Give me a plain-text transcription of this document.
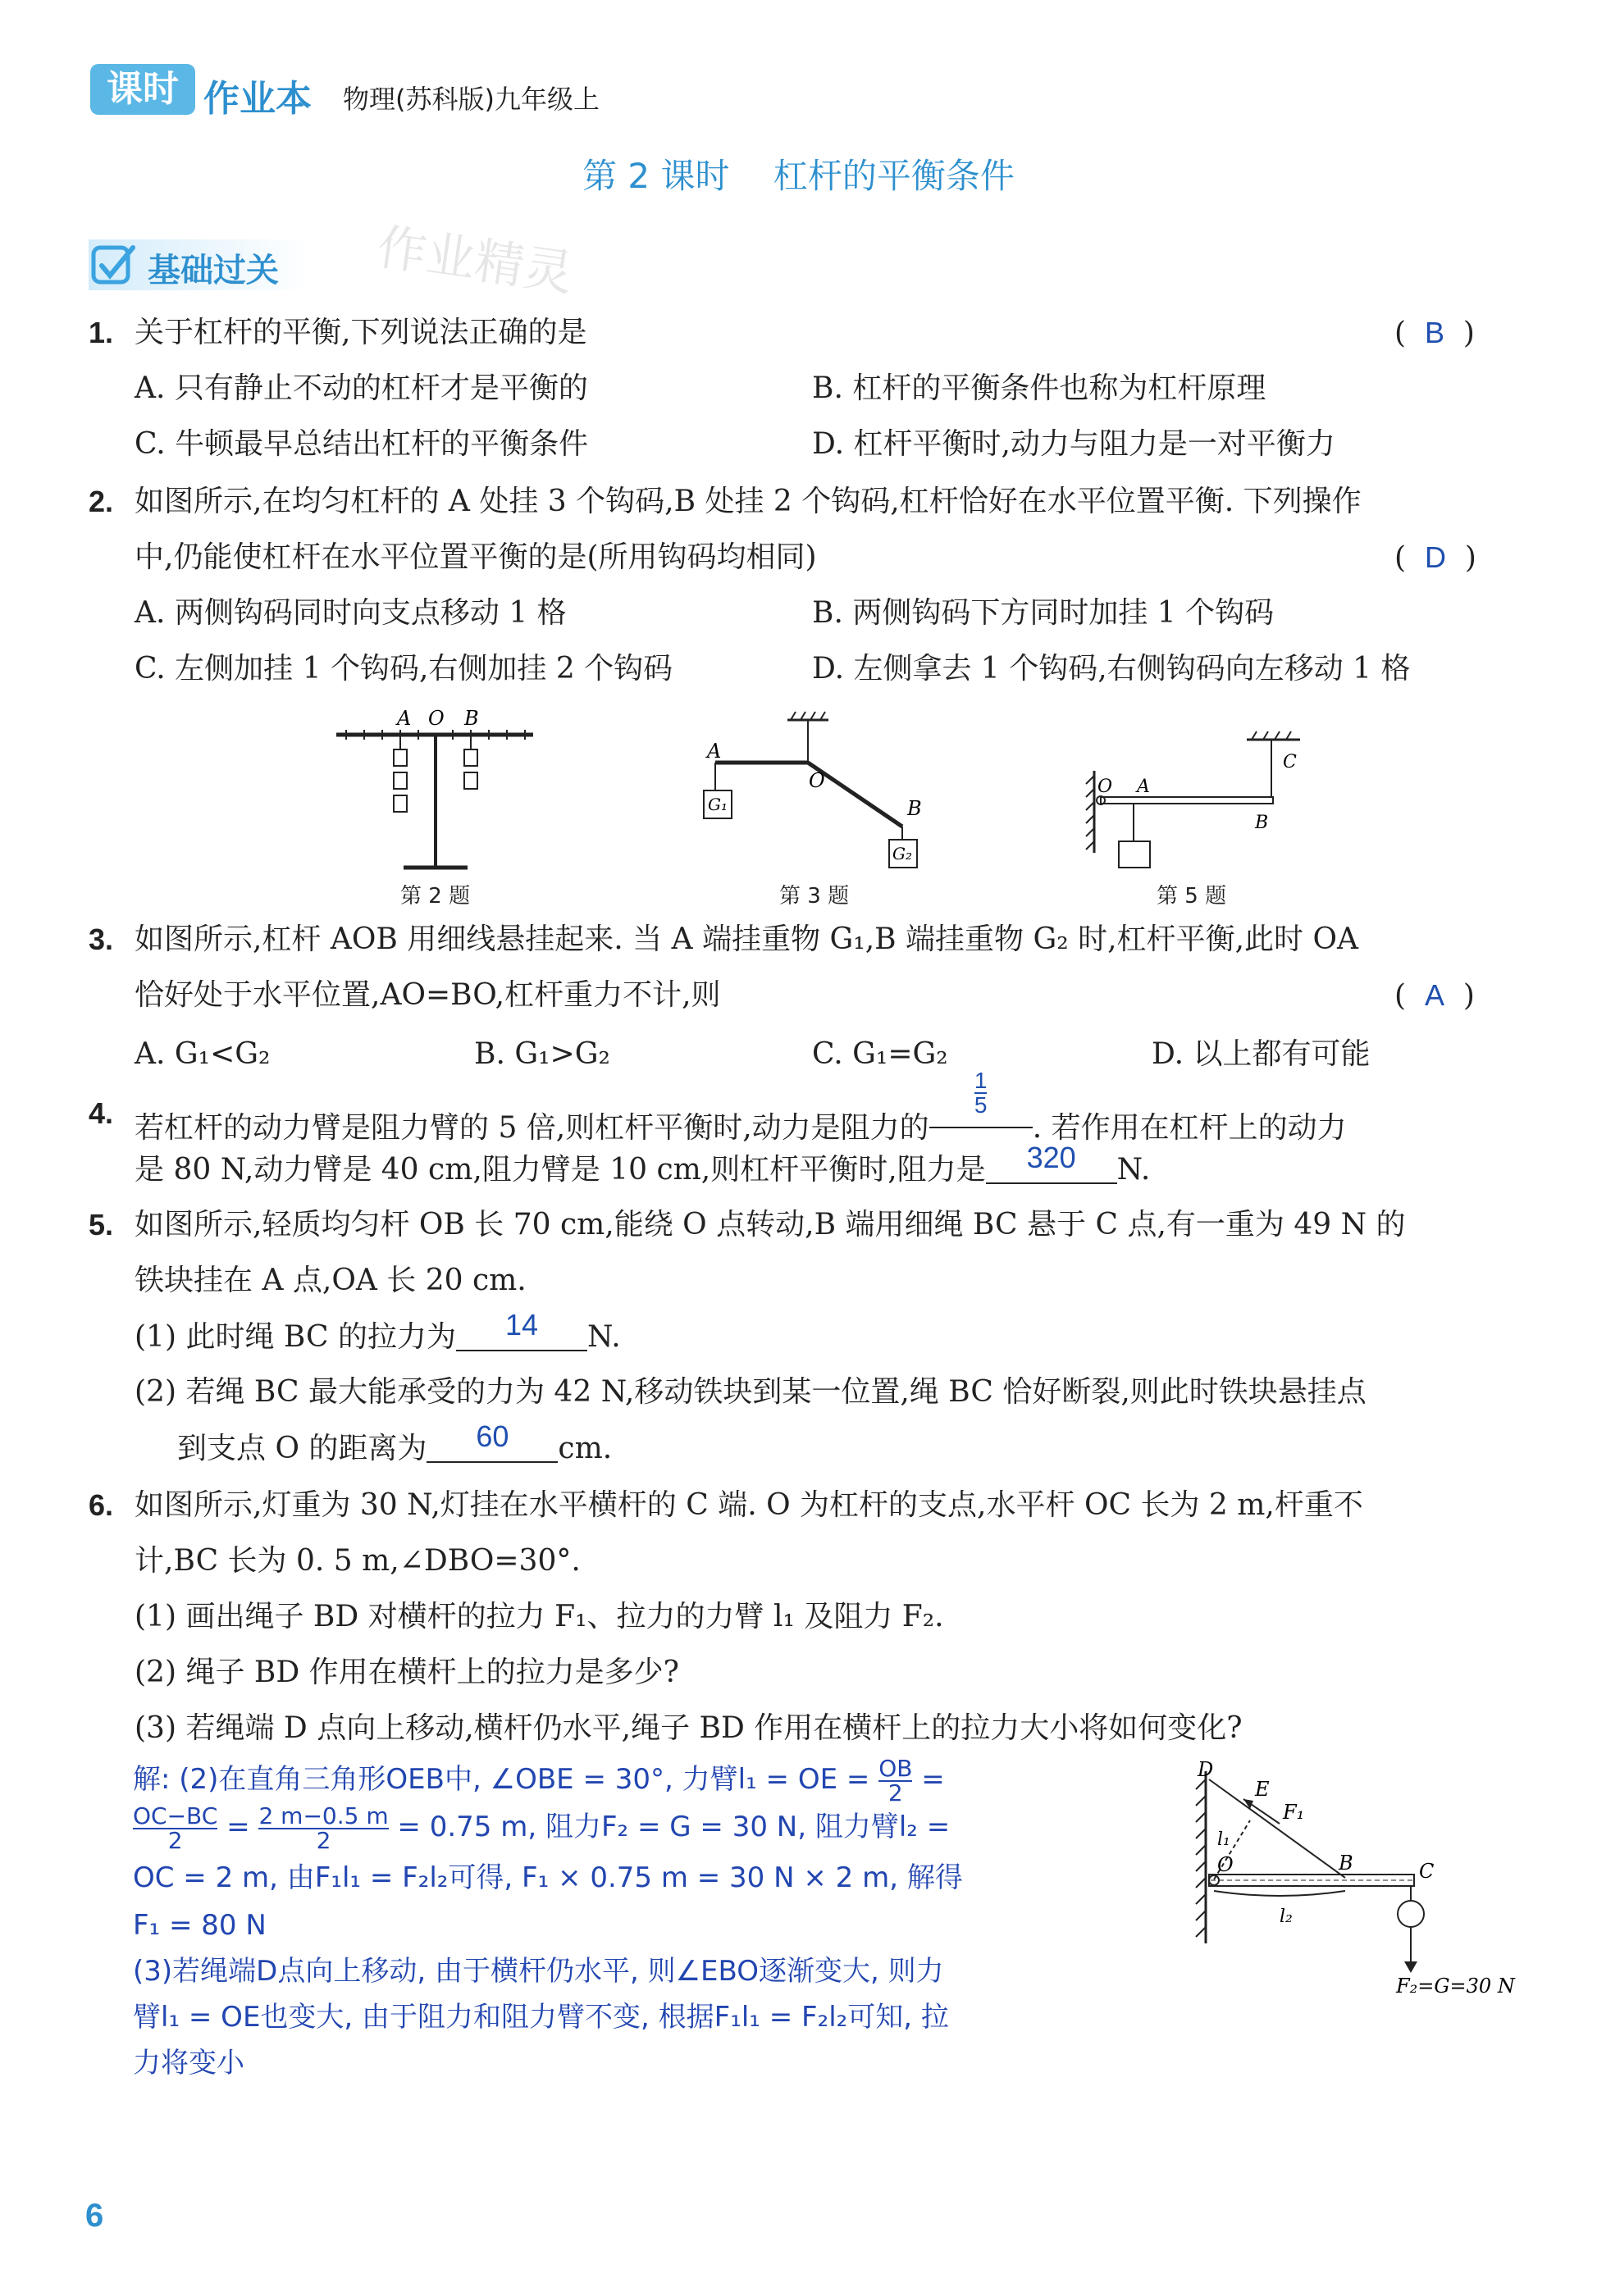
课时 作业本 物理(苏科版)九年级上
第 2 课时    杠杆的平衡条件
基础过关 作业精灵
1. 关于杠杆的平衡,下列说法正确的是	(  B  )
A. 只有静止不动的杠杆才是平衡的	B. 杠杆的平衡条件也称为杠杆原理
C. 牛顿最早总结出杠杆的平衡条件	D. 杠杆平衡时,动力与阻力是一对平衡力
2. 如图所示,在均匀杠杆的 A 处挂 3 个钩码,B 处挂 2 个钩码,杠杆恰好在水平位置平衡. 下列操作
中,仍能使杠杆在水平位置平衡的是(所用钩码均相同)	(  D  )
A. 两侧钩码同时向支点移动 1 格	B. 两侧钩码下方同时加挂 1 个钩码
C. 左侧加挂 1 个钩码,右侧加挂 2 个钩码	D. 左侧拿去 1 个钩码,右侧钩码向左移动 1 格
A O B
第 2 题
A
O
B
G₁
G₂
第 3 题
O A
B
C
第 5 题
3. 如图所示,杠杆 AOB 用细线悬挂起来. 当 A 端挂重物 G₁,B 端挂重物 G₂ 时,杠杆平衡,此时 OA
恰好处于水平位置,AO=BO,杠杆重力不计,则	(  A  )
A. G₁<G₂	B. G₁>G₂	C. G₁=G₂	D. 以上都有可能
4. 若杠杆的动力臂是阻力臂的 5 倍,则杠杆平衡时,动力是阻力的
$\frac{1}{5}$
. 若作用在杠杆上的动力
是 80 N,动力臂是 40 cm,阻力臂是 10 cm,则杠杆平衡时,阻力是 320 N.
5. 如图所示,轻质均匀杆 OB 长 70 cm,能绕 O 点转动,B 端用细绳 BC 悬于 C 点,有一重为 49 N 的
铁块挂在 A 点,OA 长 20 cm.
(1) 此时绳 BC 的拉力为 14 N.
(2) 若绳 BC 最大能承受的力为 42 N,移动铁块到某一位置,绳 BC 恰好断裂,则此时铁块悬挂点
到支点 O 的距离为 60 cm.
6. 如图所示,灯重为 30 N,灯挂在水平横杆的 C 端. O 为杠杆的支点,水平杆 OC 长为 2 m,杆重不
计,BC 长为 0. 5 m,∠DBO=30°.
(1) 画出绳子 BD 对横杆的拉力 F₁、拉力的力臂 l₁ 及阻力 F₂.
(2) 绳子 BD 作用在横杆上的拉力是多少?
(3) 若绳端 D 点向上移动,横杆仍水平,绳子 BD 作用在横杆上的拉力大小将如何变化?
解: (2)在直角三角形OEB中, ∠OBE = 30°, 力臂l₁ = OE = $\frac{OB}{2}$ =
$\frac{OC-BC}{2} = \frac{2 m-0.5 m}{2} = 0.75$ m, 阻力F₂ = G = 30 N, 阻力臂l₂ =
OC = 2 m, 由F₁l₁ = F₂l₂可得, F₁ × 0.75 m = 30 N × 2 m, 解得
F₁ = 80 N
(3)若绳端D点向上移动, 由于横杆仍水平, 则∠EBO逐渐变大, 则力
臂l₁ = OE也变大, 由于阻力和阻力臂不变, 根据F₁l₁ = F₂l₂可知, 拉
力将变小
D
E
F₁
l₁
O	B	C
l₂
F₂=G=30 N
6
